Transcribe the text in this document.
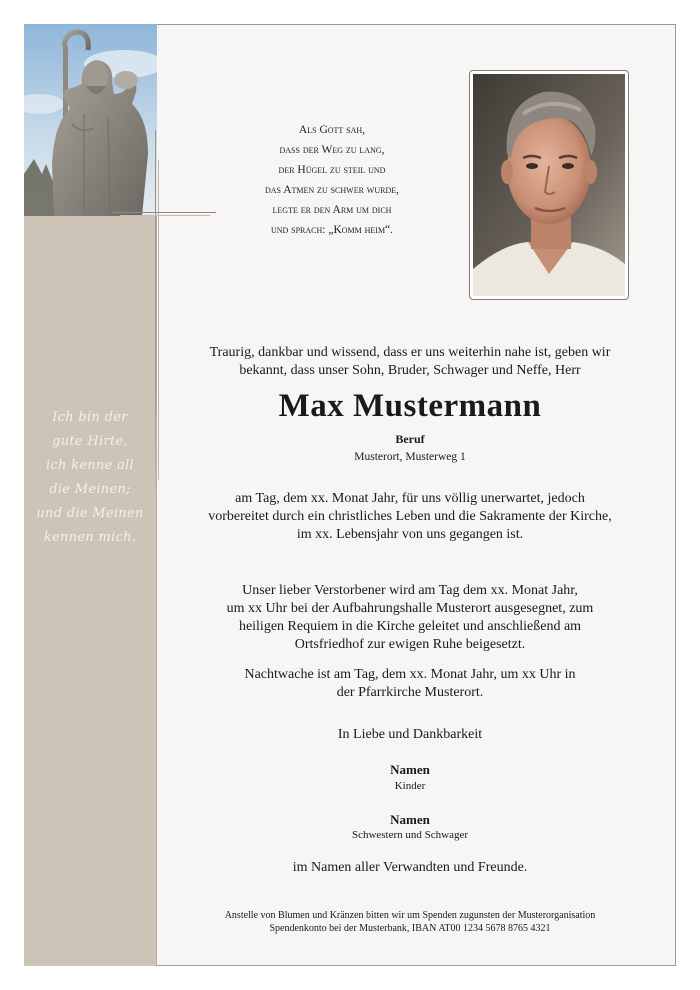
Ich bin der
gute Hirte,
ich kenne all
die Meinen;
und die Meinen
kennen mich.
Als Gott sah,
dass der Weg zu lang,
der Hügel zu steil und
das Atmen zu schwer wurde,
legte er den Arm um dich
und sprach: „Komm heim“.
Traurig, dankbar und wissend, dass er uns weiterhin nahe ist, geben wir
bekannt, dass unser Sohn, Bruder, Schwager und Neffe, Herr
Max Mustermann
Beruf
Musterort, Musterweg 1
am Tag, dem xx. Monat Jahr, für uns völlig unerwartet, jedoch
vorbereitet durch ein christliches Leben und die Sakramente der Kirche,
im xx. Lebensjahr von uns gegangen ist.
Unser lieber Verstorbener wird am Tag dem xx. Monat Jahr,
um xx Uhr bei der Aufbahrungshalle Musterort ausgesegnet, zum
heiligen Requiem in die Kirche geleitet und anschließend am
Ortsfriedhof zur ewigen Ruhe beigesetzt.
Nachtwache ist am Tag, dem xx. Monat Jahr, um xx Uhr in
der Pfarrkirche Musterort.
In Liebe und Dankbarkeit
Namen
Kinder
Namen
Schwestern und Schwager
im Namen aller Verwandten und Freunde.
Anstelle von Blumen und Kränzen bitten wir um Spenden zugunsten der Musterorganisation
Spendenkonto bei der Musterbank, IBAN AT00 1234 5678 8765 4321
